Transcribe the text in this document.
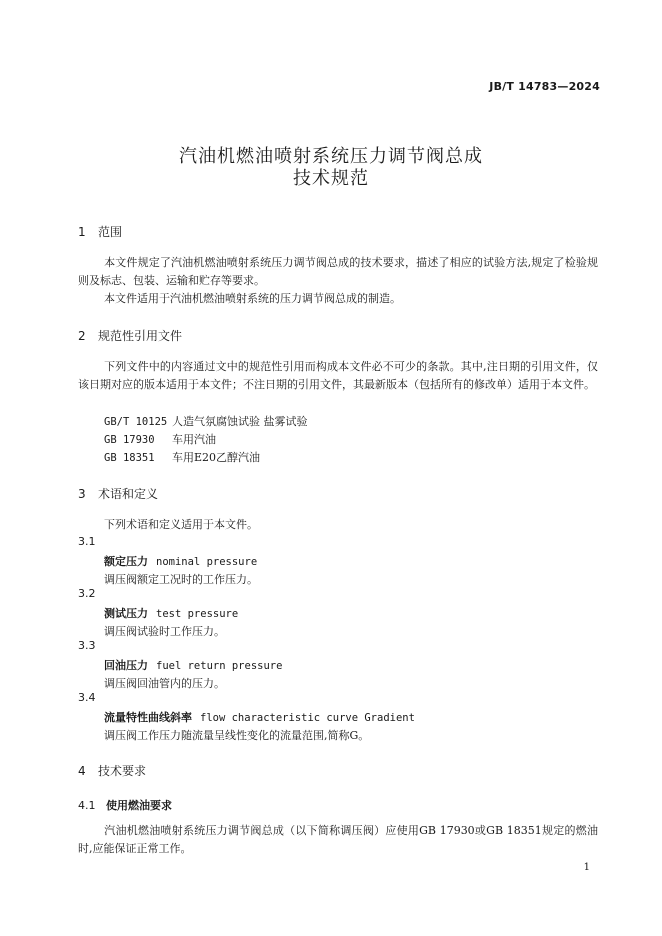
JB/T 14783—2024
汽油机燃油喷射系统压力调节阀总成
技术规范
1 范围
本文件规定了汽油机燃油喷射系统压力调节阀总成的技术要求，描述了相应的试验方法,规定了检验规则及标志、包装、运输和贮存等要求。
本文件适用于汽油机燃油喷射系统的压力调节阀总成的制造。
2 规范性引用文件
下列文件中的内容通过文中的规范性引用而构成本文件必不可少的条款。其中,注日期的引用文件，仅该日期对应的版本适用于本文件；不注日期的引用文件，其最新版本（包括所有的修改单）适用于本文件。
GB/T 10125 人造气氛腐蚀试验 盐雾试验
GB 17930 车用汽油
GB 18351 车用E20乙醇汽油
3 术语和定义
下列术语和定义适用于本文件。
3.1
额定压力 nominal pressure
调压阀额定工况时的工作压力。
3.2
测试压力 test pressure
调压阀试验时工作压力。
3.3
回油压力 fuel return pressure
调压阀回油管内的压力。
3.4
流量特性曲线斜率 flow characteristic curve Gradient
调压阀工作压力随流量呈线性变化的流量范围,简称G。
4 技术要求
4.1 使用燃油要求
汽油机燃油喷射系统压力调节阀总成（以下简称调压阀）应使用GB 17930或GB 18351规定的燃油时,应能保证正常工作。
1
